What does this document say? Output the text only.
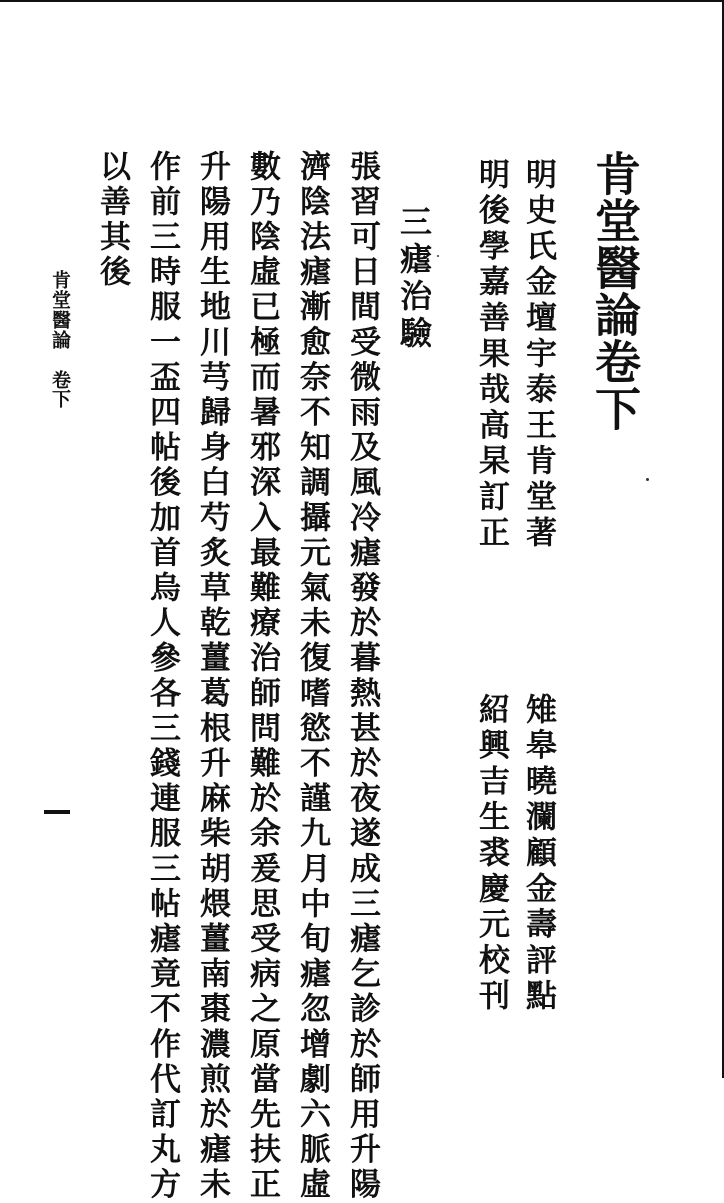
肯堂醫論卷下
明史氏金壇宇泰王肯堂著
明後學嘉善果哉高杲訂正
雉皋曉瀾顧金壽評點
紹興吉生裘慶元校刊
三瘧治驗
張習可日間受微雨及風冷瘧發於暮熱甚於夜遂成三瘧乞診於師用升陽
濟陰法瘧漸愈奈不知調攝元氣未復嗜慾不謹九月中旬瘧忽增劇六脈虛
數乃陰虛已極而暑邪深入最難療治師問難於余爰思受病之原當先扶正
升陽用生地川芎歸身白芍炙草乾薑葛根升麻柴胡煨薑南棗濃煎於瘧未
作前三時服一盃四帖後加首烏人參各三錢連服三帖瘧竟不作代訂丸方
以善其後
肯堂醫論
卷下
